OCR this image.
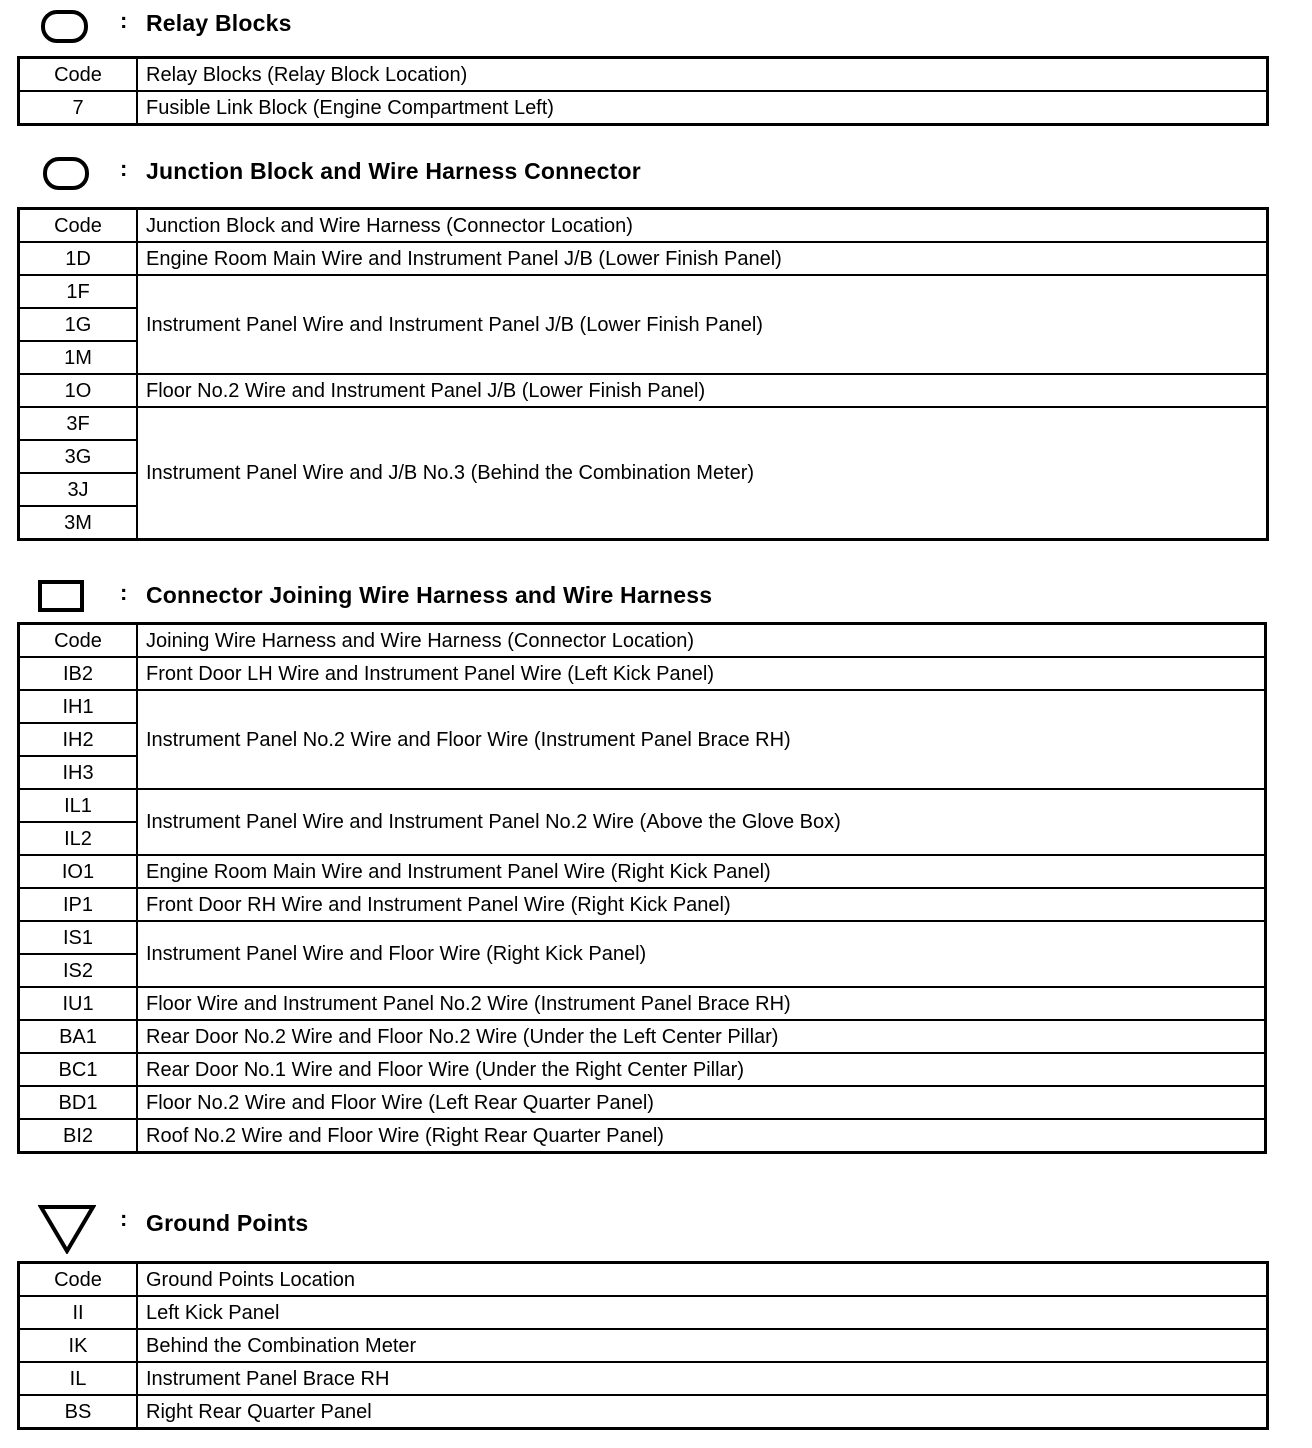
: Relay Blocks
Code	Relay Blocks (Relay Block Location)
7	Fusible Link Block (Engine Compartment Left)
: Junction Block and Wire Harness Connector
Code	Junction Block and Wire Harness (Connector Location)
1D	Engine Room Main Wire and Instrument Panel J/B (Lower Finish Panel)
1F	Instrument Panel Wire and Instrument Panel J/B (Lower Finish Panel)
1G	
1M	
1O	Floor No.2 Wire and Instrument Panel J/B (Lower Finish Panel)
3F	Instrument Panel Wire and J/B No.3 (Behind the Combination Meter)
3G	
3J	
3M	
: Connector Joining Wire Harness and Wire Harness
Code	Joining Wire Harness and Wire Harness (Connector Location)
IB2	Front Door LH Wire and Instrument Panel Wire (Left Kick Panel)
IH1	Instrument Panel No.2 Wire and Floor Wire (Instrument Panel Brace RH)
IH2	
IH3	
IL1	Instrument Panel Wire and Instrument Panel No.2 Wire (Above the Glove Box)
IL2	
IO1	Engine Room Main Wire and Instrument Panel Wire (Right Kick Panel)
IP1	Front Door RH Wire and Instrument Panel Wire (Right Kick Panel)
IS1	Instrument Panel Wire and Floor Wire (Right Kick Panel)
IS2	
IU1	Floor Wire and Instrument Panel No.2 Wire (Instrument Panel Brace RH)
BA1	Rear Door No.2 Wire and Floor No.2 Wire (Under the Left Center Pillar)
BC1	Rear Door No.1 Wire and Floor Wire (Under the Right Center Pillar)
BD1	Floor No.2 Wire and Floor Wire (Left Rear Quarter Panel)
BI2	Roof No.2 Wire and Floor Wire (Right Rear Quarter Panel)
: Ground Points
Code	Ground Points Location
II	Left Kick Panel
IK	Behind the Combination Meter
IL	Instrument Panel Brace RH
BS	Right Rear Quarter Panel
